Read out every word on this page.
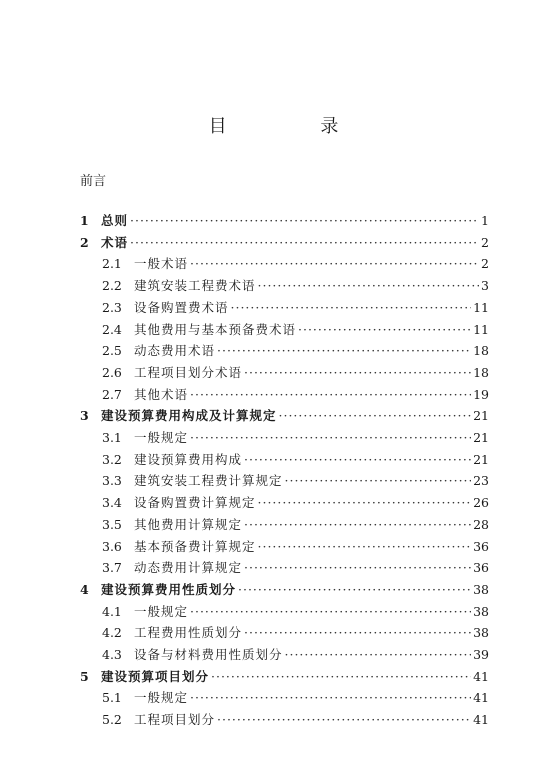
目 录
前言
1 总则 ·····	1
2 术语 ·····	2
2.1 一般术语 ·····	2
2.2 建筑安装工程费术语 ·····	3
2.3 设备购置费术语 ·····	11
2.4 其他费用与基本预备费术语 ·····	11
2.5 动态费用术语 ·····	18
2.6 工程项目划分术语 ·····	18
2.7 其他术语 ·····	19
3 建设预算费用构成及计算规定 ·····	21
3.1 一般规定 ·····	21
3.2 建设预算费用构成 ·····	21
3.3 建筑安装工程费计算规定 ·····	23
3.4 设备购置费计算规定 ·····	26
3.5 其他费用计算规定 ·····	28
3.6 基本预备费计算规定 ·····	36
3.7 动态费用计算规定 ·····	36
4 建设预算费用性质划分 ·····	38
4.1 一般规定 ·····	38
4.2 工程费用性质划分 ·····	38
4.3 设备与材料费用性质划分 ·····	39
5 建设预算项目划分 ·····	41
5.1 一般规定 ·····	41
5.2 工程项目划分 ·····	41
